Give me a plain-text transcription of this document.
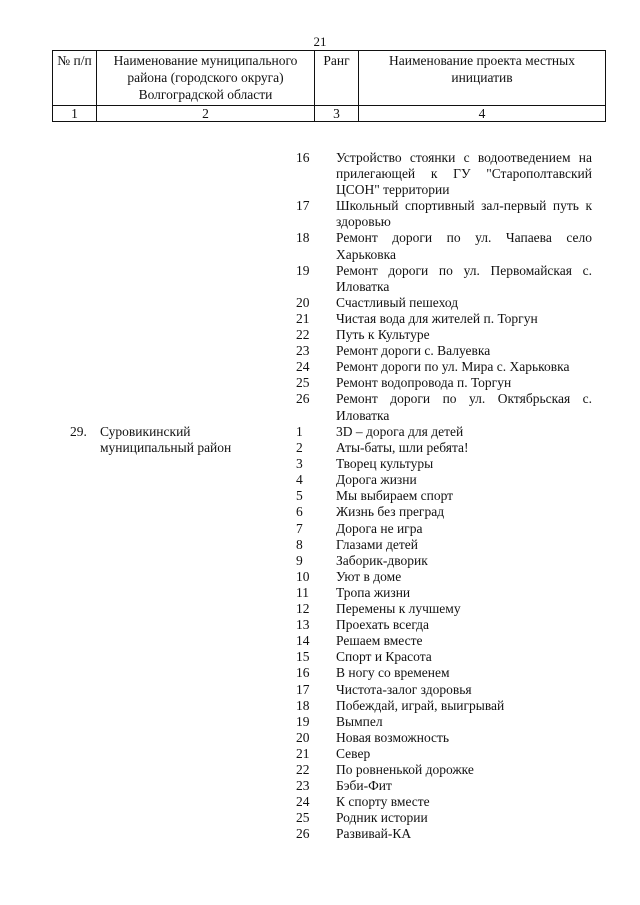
21
№ п/п	Наименование муниципального района (городского округа) Волгоградской области	Ранг	Наименование проекта местных инициатив
1	2	3	4
16	Устройство стоянки с водоотведением на прилегающей к ГУ "Старополтавский ЦСОН" территории
17	Школьный спортивный зал-первый путь к здоровью
18	Ремонт дороги по ул. Чапаева село Харьковка
19	Ремонт дороги по ул. Первомайская с. Иловатка
20	Счастливый пешеход
21	Чистая вода для жителей п. Торгун
22	Путь к Культуре
23	Ремонт дороги с. Валуевка
24	Ремонт дороги по ул. Мира с. Харьковка
25	Ремонт водопровода п. Торгун
26	Ремонт дороги по ул. Октябрьская с. Иловатка
29. Суровикинский муниципальный район
1	3D – дорога для детей
2	Аты-баты, шли ребята!
3	Творец культуры
4	Дорога жизни
5	Мы выбираем спорт
6	Жизнь без преград
7	Дорога не игра
8	Глазами детей
9	Заборик-дворик
10	Уют в доме
11	Тропа жизни
12	Перемены к лучшему
13	Проехать всегда
14	Решаем вместе
15	Спорт и Красота
16	В ногу со временем
17	Чистота-залог здоровья
18	Побеждай, играй, выигрывай
19	Вымпел
20	Новая возможность
21	Север
22	По ровненькой дорожке
23	Бэби-Фит
24	К спорту вместе
25	Родник истории
26	Развивай-КА
